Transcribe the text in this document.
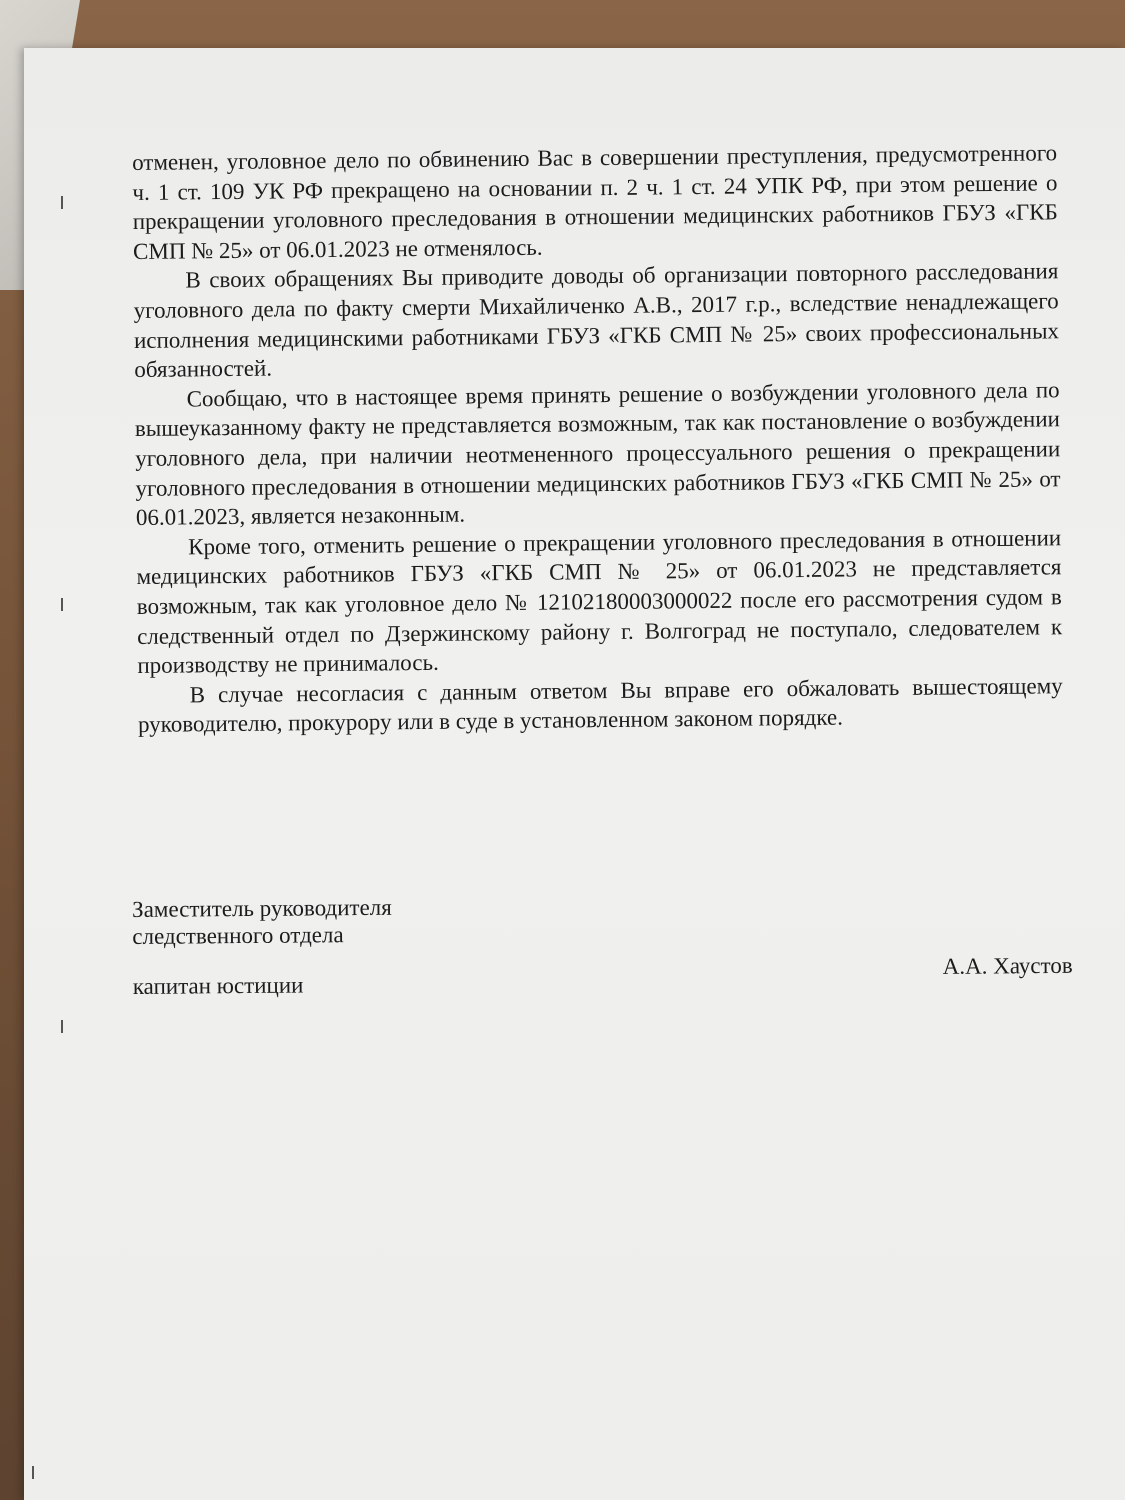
отменен, уголовное дело по обвинению Вас в совершении преступления, предусмотренного ч. 1 ст. 109 УК РФ прекращено на основании п. 2 ч. 1 ст. 24 УПК РФ, при этом решение о прекращении уголовного преследования в отношении медицинских работников ГБУЗ «ГКБ СМП № 25» от 06.01.2023 не отменялось.

В своих обращениях Вы приводите доводы об организации повторного расследования уголовного дела по факту смерти Михайличенко А.В., 2017 г.р., вследствие ненадлежащего исполнения медицинскими работниками ГБУЗ «ГКБ СМП № 25» своих профессиональных обязанностей.

Сообщаю, что в настоящее время принять решение о возбуждении уголовного дела по вышеуказанному факту не представляется возможным, так как постановление о возбуждении уголовного дела, при наличии неотмененного процессуального решения о прекращении уголовного преследования в отношении медицинских работников ГБУЗ «ГКБ СМП № 25» от 06.01.2023, является незаконным.

Кроме того, отменить решение о прекращении уголовного преследования в отношении медицинских работников ГБУЗ «ГКБ СМП № 25» от 06.01.2023 не представляется возможным, так как уголовное дело № 12102180003000022 после его рассмотрения судом в следственный отдел по Дзержинскому району г. Волгоград не поступало, следователем к производству не принималось.

В случае несогласия с данным ответом Вы вправе его обжаловать вышестоящему руководителю, прокурору или в суде в установленном законом порядке.

Заместитель руководителя
следственного отдела
капитан юстиции
А.А. Хаустов
